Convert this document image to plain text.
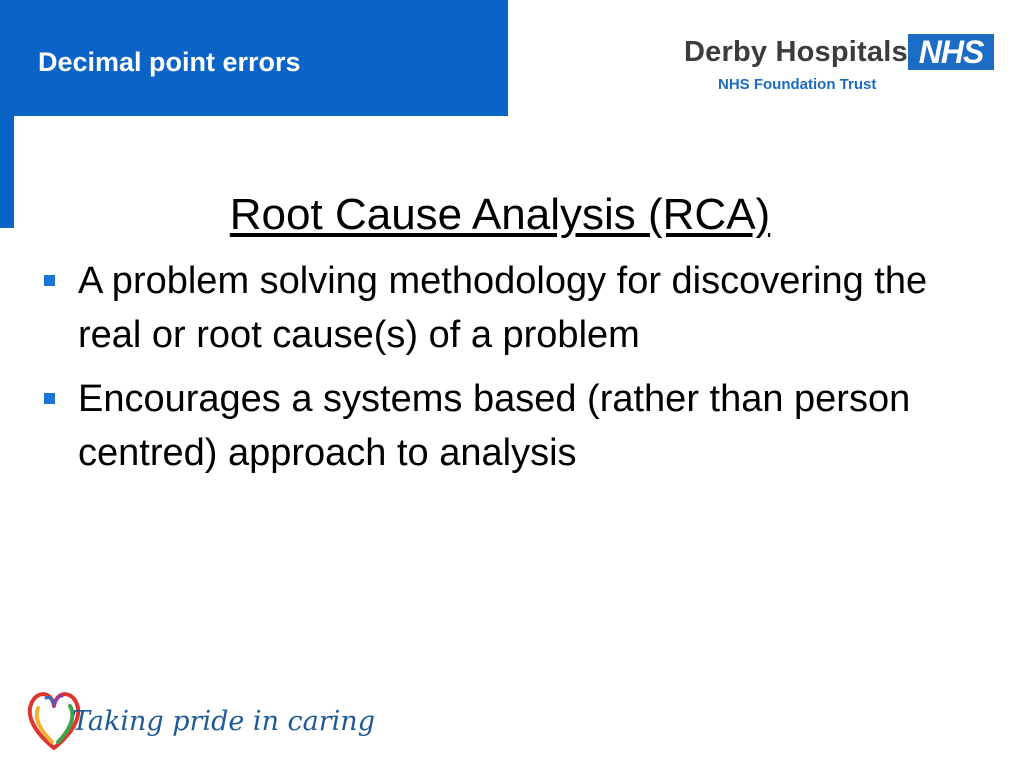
Decimal point errors	Derby Hospitals NHS
NHS Foundation Trust
Root Cause Analysis (RCA)
A problem solving methodology for discovering the real or root cause(s) of a problem
Encourages a systems based (rather than person centred) approach to analysis
Taking pride in caring
